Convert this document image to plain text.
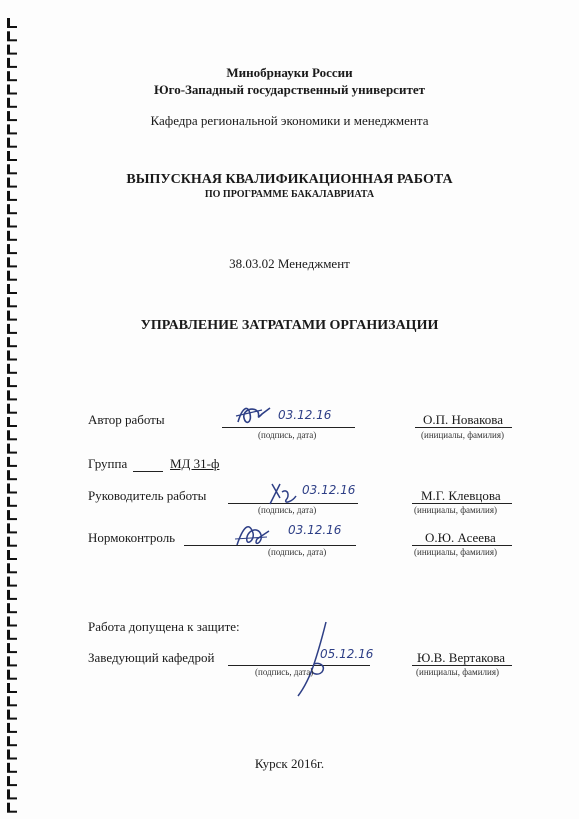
Минобрнауки России
Юго-Западный государственный университет
Кафедра региональной экономики и менеджмента
ВЫПУСКНАЯ КВАЛИФИКАЦИОННАЯ РАБОТА
ПО ПРОГРАММЕ БАКАЛАВРИАТА
38.03.02 Менеджмент
УПРАВЛЕНИЕ ЗАТРАТАМИ ОРГАНИЗАЦИИ
Автор работы	03.12.16
(подпись, дата)
О.П. Новакова
(инициалы, фамилия)
Группа	МД 31-ф
Руководитель работы	03.12.16
(подпись, дата)
М.Г. Клевцова
(инициалы, фамилия)
Нормоконтроль	03.12.16
(подпись, дата)
О.Ю. Асеева
(инициалы, фамилия)
Работа допущена к защите:
Заведующий кафедрой	05.12.16
(подпись, дата)
Ю.В. Вертакова
(инициалы, фамилия)
Курск 2016г.
